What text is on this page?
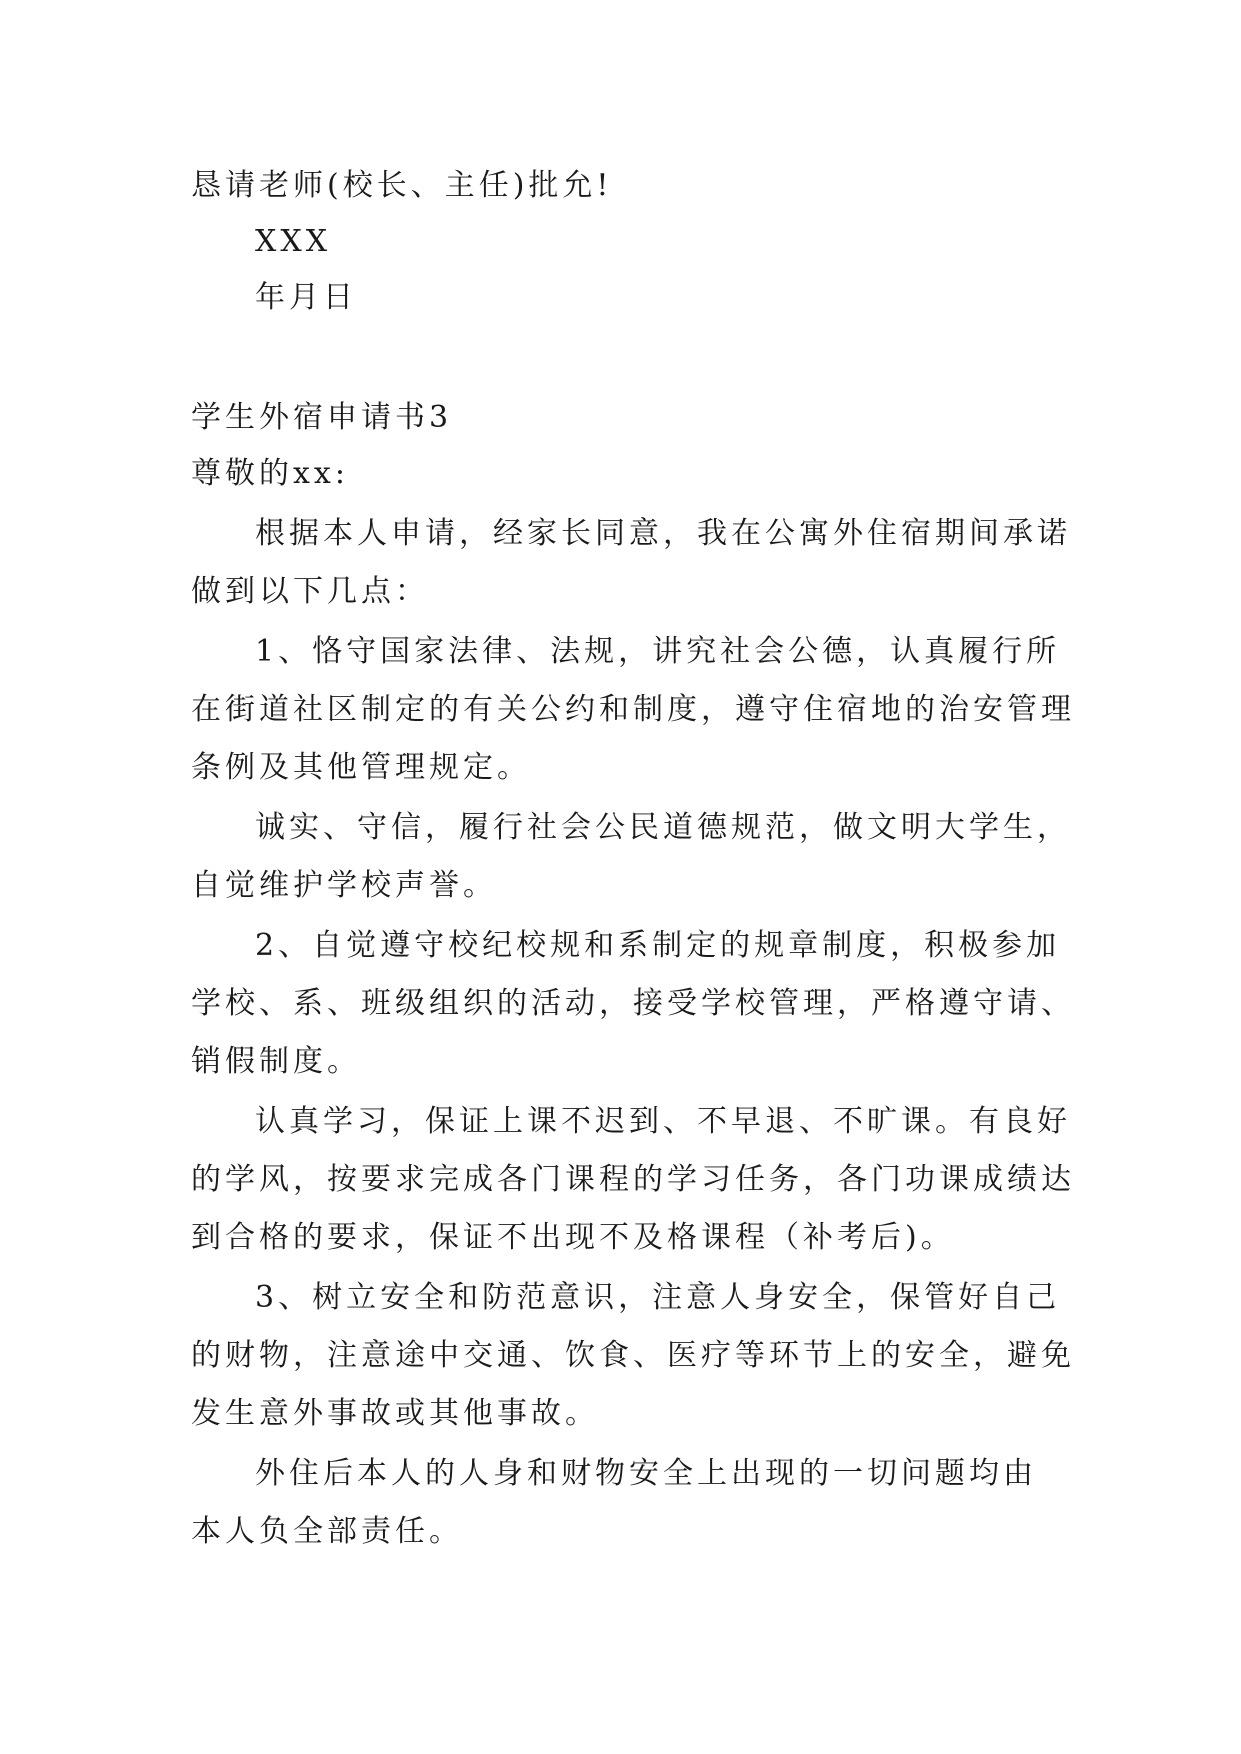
恳请老师(校长、主任)批允!
XXX
年月日
学生外宿申请书3
尊敬的xx:
根据本人申请，经家长同意，我在公寓外住宿期间承诺
做到以下几点：
1、恪守国家法律、法规，讲究社会公德，认真履行所
在街道社区制定的有关公约和制度，遵守住宿地的治安管理
条例及其他管理规定。
诚实、守信，履行社会公民道德规范，做文明大学生，
自觉维护学校声誉。
2、自觉遵守校纪校规和系制定的规章制度，积极参加
学校、系、班级组织的活动，接受学校管理，严格遵守请、
销假制度。
认真学习，保证上课不迟到、不早退、不旷课。有良好
的学风，按要求完成各门课程的学习任务，各门功课成绩达
到合格的要求，保证不出现不及格课程（补考后)。
3、树立安全和防范意识，注意人身安全，保管好自己
的财物，注意途中交通、饮食、医疗等环节上的安全，避免
发生意外事故或其他事故。
外住后本人的人身和财物安全上出现的一切问题均由
本人负全部责任。
